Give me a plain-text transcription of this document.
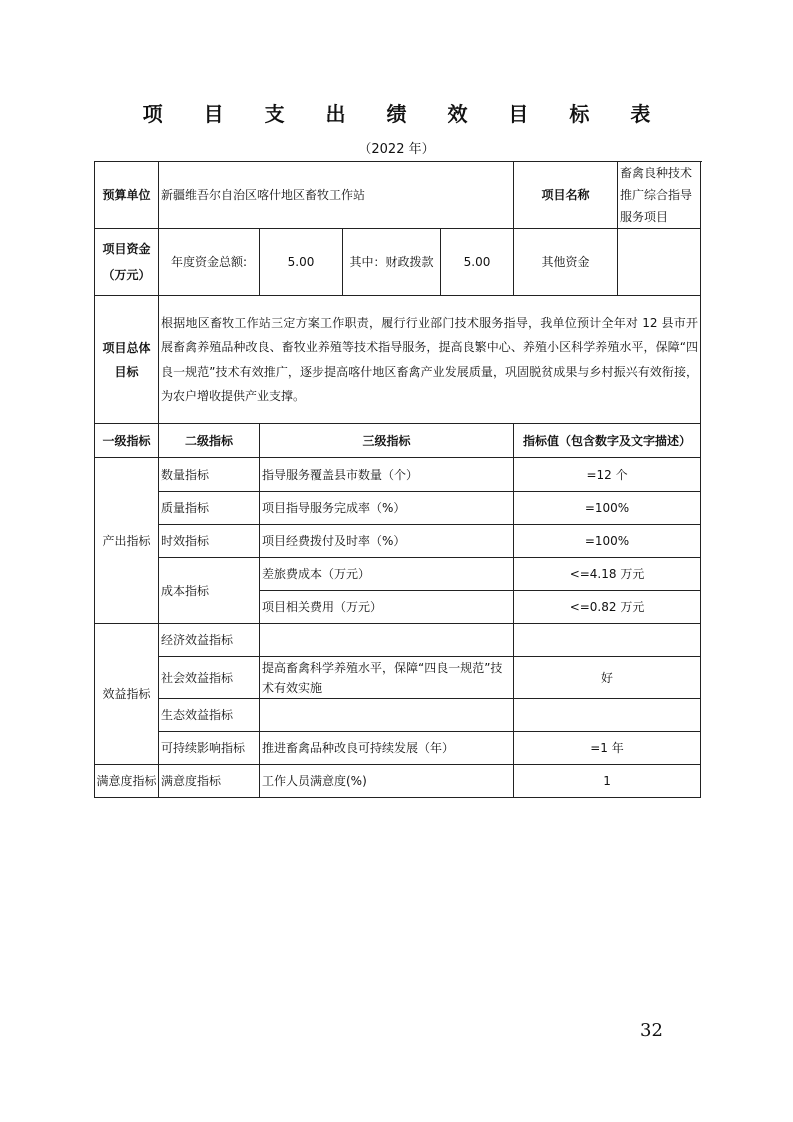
项 目 支 出 绩 效 目 标 表
（2022 年）
预算单位	新疆维吾尔自治区喀什地区畜牧工作站				项目名称	畜禽良种技术推广综合指导服务项目
项目资金
（万元）	年度资金总额:	5.00	其中：财政拨款	5.00	其他资金	
项目总体目标	根据地区畜牧工作站三定方案工作职责，履行行业部门技术服务指导，我单位预计全年对 12 县市开展畜禽养殖品种改良、畜牧业养殖等技术指导服务，提高良繁中心、养殖小区科学养殖水平，保障“四良一规范”技术有效推广，逐步提高喀什地区畜禽产业发展质量，巩固脱贫成果与乡村振兴有效衔接，为农户增收提供产业支撑。					
一级指标	二级指标	三级指标			指标值（包含数字及文字描述）	
产出指标	数量指标	指导服务覆盖县市数量（个）			=12 个	
	质量指标	项目指导服务完成率（%）			=100%	
	时效指标	项目经费拨付及时率（%）			=100%	
	成本指标	差旅费成本（万元）			<=4.18 万元	
		项目相关费用（万元）			<=0.82 万元	
效益指标	经济效益指标					
	社会效益指标	提高畜禽科学养殖水平，保障“四良一规范”技术有效实施			好	
	生态效益指标					
	可持续影响指标	推进畜禽品种改良可持续发展（年）			=1 年	
满意度指标	满意度指标	工作人员满意度(%)			1	
32
